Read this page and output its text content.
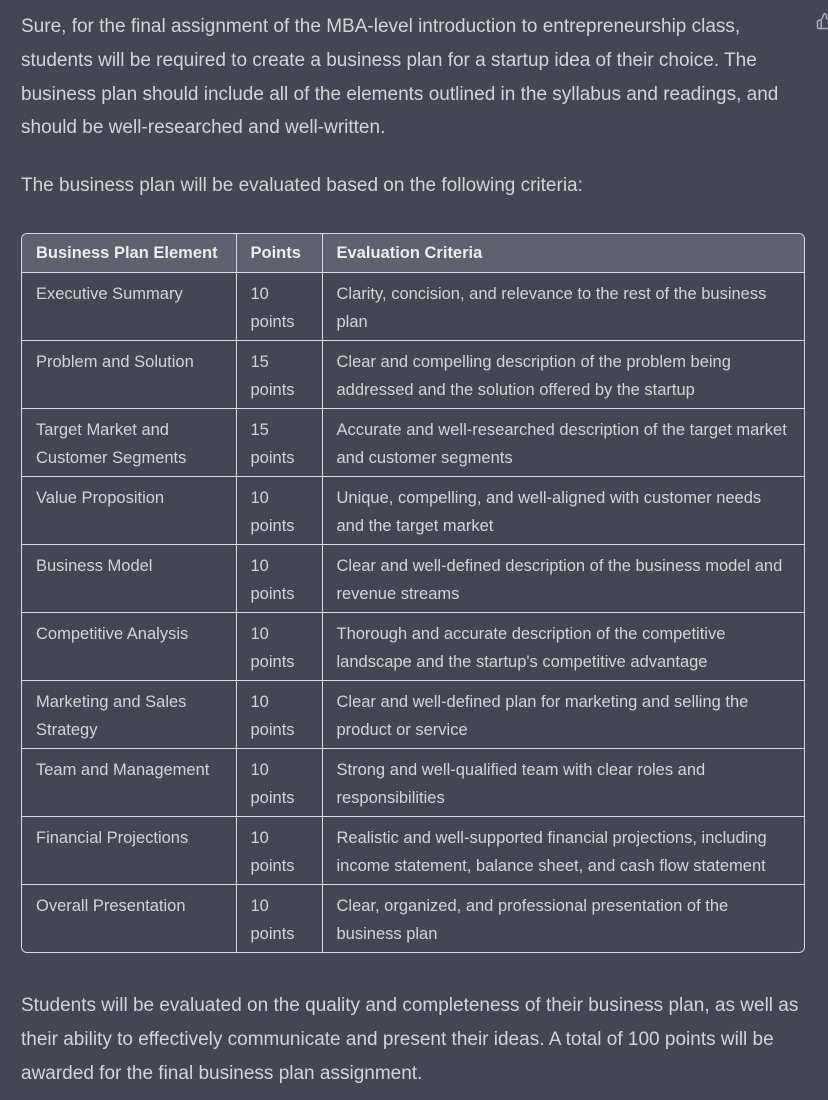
Sure, for the final assignment of the MBA-level introduction to entrepreneurship class, students will be required to create a business plan for a startup idea of their choice. The business plan should include all of the elements outlined in the syllabus and readings, and should be well-researched and well-written.

The business plan will be evaluated based on the following criteria:

Business Plan Element	Points	Evaluation Criteria
Executive Summary	10 points	Clarity, concision, and relevance to the rest of the business plan
Problem and Solution	15 points	Clear and compelling description of the problem being addressed and the solution offered by the startup
Target Market and Customer Segments	15 points	Accurate and well-researched description of the target market and customer segments
Value Proposition	10 points	Unique, compelling, and well-aligned with customer needs and the target market
Business Model	10 points	Clear and well-defined description of the business model and revenue streams
Competitive Analysis	10 points	Thorough and accurate description of the competitive landscape and the startup's competitive advantage
Marketing and Sales Strategy	10 points	Clear and well-defined plan for marketing and selling the product or service
Team and Management	10 points	Strong and well-qualified team with clear roles and responsibilities
Financial Projections	10 points	Realistic and well-supported financial projections, including income statement, balance sheet, and cash flow statement
Overall Presentation	10 points	Clear, organized, and professional presentation of the business plan

Students will be evaluated on the quality and completeness of their business plan, as well as their ability to effectively communicate and present their ideas. A total of 100 points will be awarded for the final business plan assignment.
